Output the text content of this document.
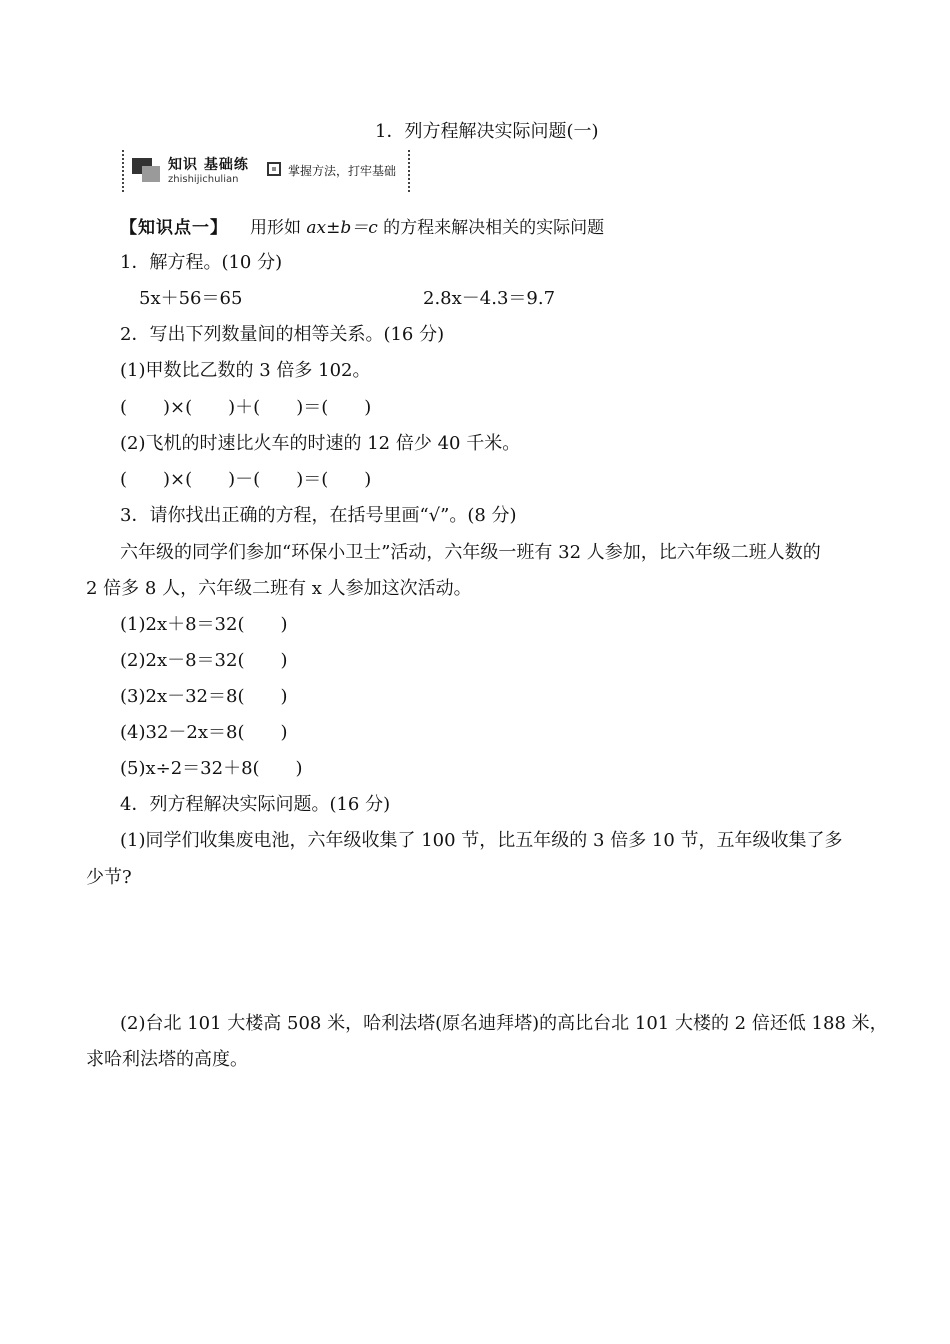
1．列方程解决实际问题(一)
知识 基础练
zhishijichulian
掌握方法，打牢基础
【知识点一】 用形如 ax±b＝c 的方程来解决相关的实际问题
1．解方程。(10 分)
5x＋56＝65	2.8x－4.3＝9.7
2．写出下列数量间的相等关系。(16 分)
(1)甲数比乙数的 3 倍多 102。
(　　)×(　　)＋(　　)＝(　　)
(2)飞机的时速比火车的时速的 12 倍少 40 千米。
(　　)×(　　)－(　　)＝(　　)
3．请你找出正确的方程，在括号里画“√”。(8 分)
六年级的同学们参加“环保小卫士”活动，六年级一班有 32 人参加，比六年级二班人数的
2 倍多 8 人，六年级二班有 x 人参加这次活动。
(1)2x＋8＝32(　　)
(2)2x－8＝32(　　)
(3)2x－32＝8(　　)
(4)32－2x＝8(　　)
(5)x÷2＝32＋8(　　)
4．列方程解决实际问题。(16 分)
(1)同学们收集废电池，六年级收集了 100 节，比五年级的 3 倍多 10 节，五年级收集了多
少节?
(2)台北 101 大楼高 508 米，哈利法塔(原名迪拜塔)的高比台北 101 大楼的 2 倍还低 188 米，
求哈利法塔的高度。
